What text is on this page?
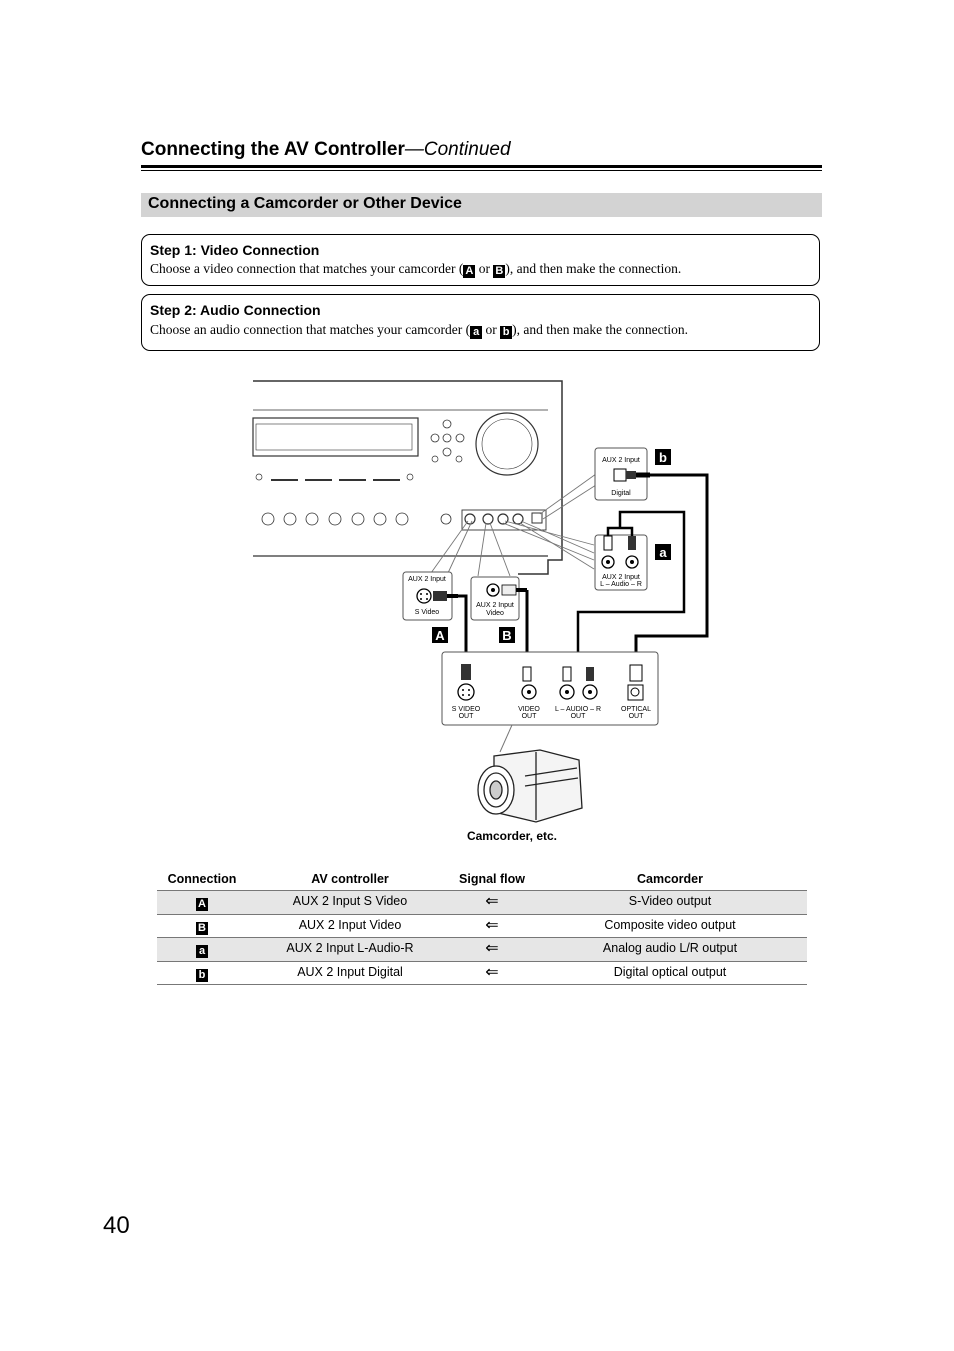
Connecting the AV Controller—Continued
Connecting a Camcorder or Other Device
Step 1: Video Connection
Choose a video connection that matches your camcorder ( A or B ), and then make the connection.
Step 2: Audio Connection
Choose an audio connection that matches your camcorder ( a or b ), and then make the connection.
AUX 2 Input
Digital
b
AUX 2 Input
L – Audio – R
a
AUX 2 Input
S Video
A
AUX 2 Input
Video
B
S VIDEO
OUT
VIDEO
OUT
L – AUDIO – R
OUT
OPTICAL
OUT
Camcorder, etc.
Connection	AV controller	Signal flow	Camcorder
A	AUX 2 Input S Video	⇐	S-Video output
B	AUX 2 Input Video	⇐	Composite video output
a	AUX 2 Input L-Audio-R	⇐	Analog audio L/R output
b	AUX 2 Input Digital	⇐	Digital optical output
40
